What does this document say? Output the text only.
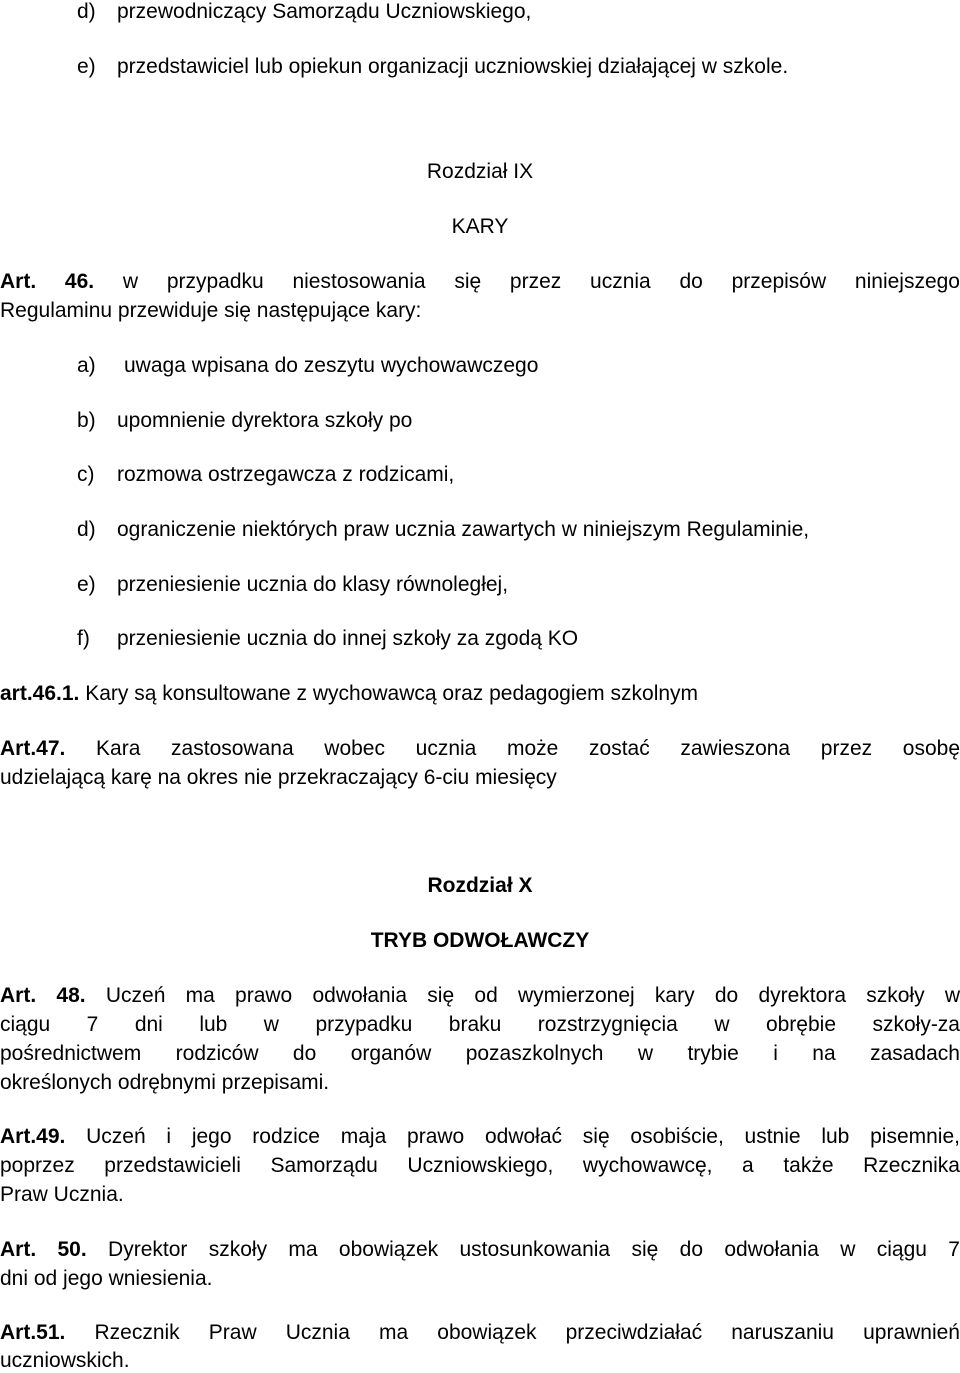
d) przewodniczący Samorządu Uczniowskiego,
e) przedstawiciel lub opiekun organizacji uczniowskiej działającej w szkole.
Rozdział IX
KARY
Art. 46. w przypadku niestosowania się przez ucznia do przepisów niniejszego
Regulaminu przewiduje się następujące kary:
a) uwaga wpisana do zeszytu wychowawczego
b) upomnienie dyrektora szkoły po
c) rozmowa ostrzegawcza z rodzicami,
d) ograniczenie niektórych praw ucznia zawartych w niniejszym Regulaminie,
e) przeniesienie ucznia do klasy równoległej,
f) przeniesienie ucznia do innej szkoły za zgodą KO
art.46.1. Kary są konsultowane z wychowawcą oraz pedagogiem szkolnym
Art.47. Kara zastosowana wobec ucznia może zostać zawieszona przez osobę
udzielającą karę na okres nie przekraczający 6-ciu miesięcy
Rozdział X
TRYB ODWOŁAWCZY
Art. 48. Uczeń ma prawo odwołania się od wymierzonej kary do dyrektora szkoły w
ciągu 7 dni lub w przypadku braku rozstrzygnięcia w obrębie szkoły-za
pośrednictwem rodziców do organów pozaszkolnych w trybie i na zasadach
określonych odrębnymi przepisami.
Art.49. Uczeń i jego rodzice maja prawo odwołać się osobiście, ustnie lub pisemnie,
poprzez przedstawicieli Samorządu Uczniowskiego, wychowawcę, a także Rzecznika
Praw Ucznia.
Art. 50. Dyrektor szkoły ma obowiązek ustosunkowania się do odwołania w ciągu 7
dni od jego wniesienia.
Art.51. Rzecznik Praw Ucznia ma obowiązek przeciwdziałać naruszaniu uprawnień
uczniowskich.
